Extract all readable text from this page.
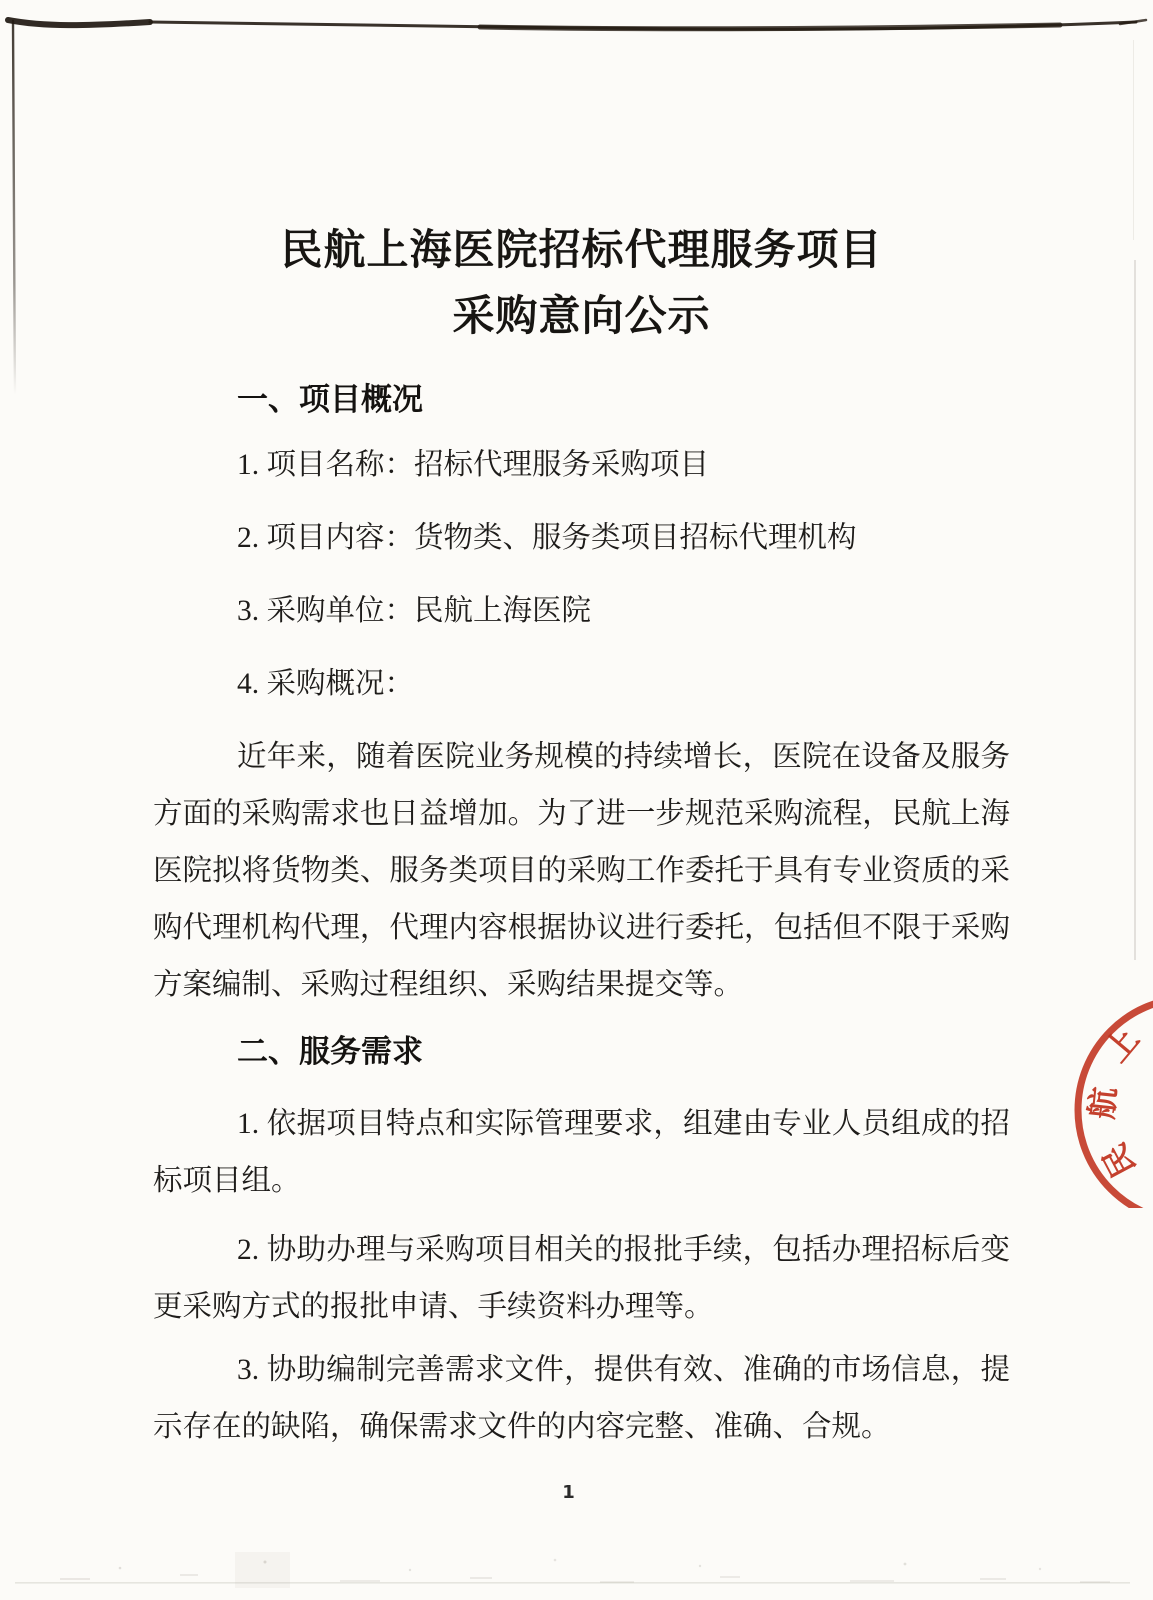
民航上海医院招标代理服务项目
采购意向公示
一、项目概况

1. 项目名称：招标代理服务采购项目

2. 项目内容：货物类、服务类项目招标代理机构

3. 采购单位：民航上海医院

4. 采购概况：

近年来，随着医院业务规模的持续增长，医院在设备及服务方面的采购需求也日益增加。为了进一步规范采购流程，民航上海医院拟将货物类、服务类项目的采购工作委托于具有专业资质的采购代理机构代理，代理内容根据协议进行委托，包括但不限于采购方案编制、采购过程组织、采购结果提交等。

二、服务需求

1. 依据项目特点和实际管理要求，组建由专业人员组成的招标项目组。

2. 协助办理与采购项目相关的报批手续，包括办理招标后变更采购方式的报批申请、手续资料办理等。

3. 协助编制完善需求文件，提供有效、准确的市场信息，提示存在的缺陷，确保需求文件的内容完整、准确、合规。

上
航
民
1
